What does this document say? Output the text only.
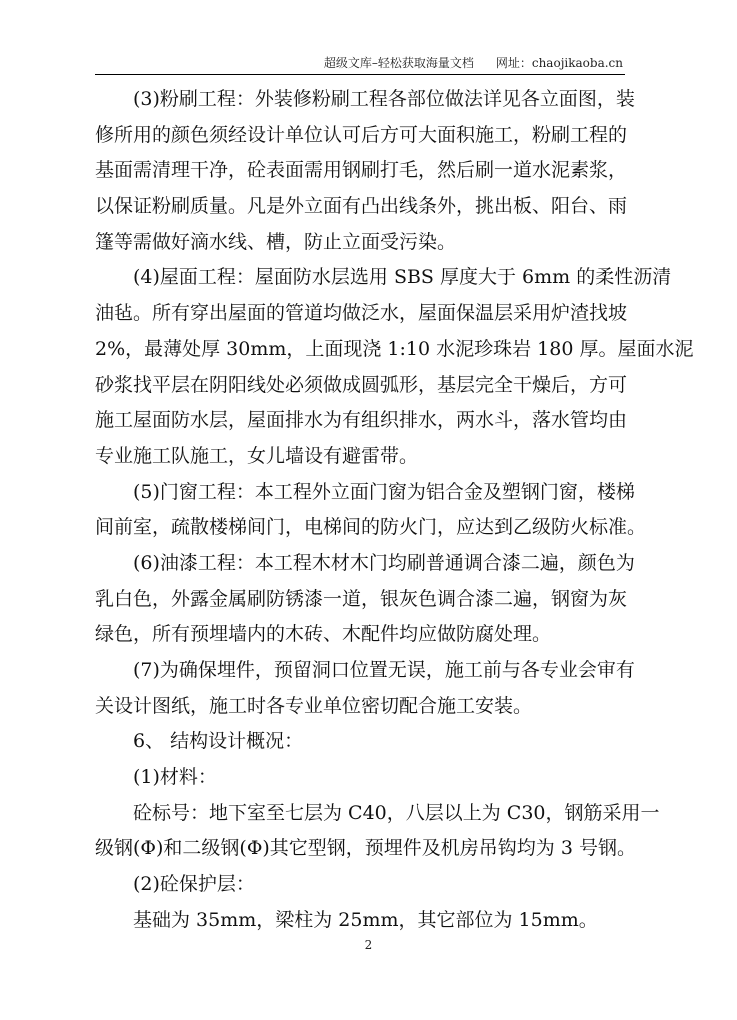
超级文库–轻松获取海量文档 网址：chaojikaoba.cn
(3)粉刷工程：外装修粉刷工程各部位做法详见各立面图，装
修所用的颜色须经设计单位认可后方可大面积施工，粉刷工程的
基面需清理干净，砼表面需用钢刷打毛，然后刷一道水泥素浆，
以保证粉刷质量。凡是外立面有凸出线条外，挑出板、阳台、雨
篷等需做好滴水线、槽，防止立面受污染。
(4)屋面工程：屋面防水层选用 SBS 厚度大于 6mm 的柔性沥清
油毡。所有穿出屋面的管道均做泛水，屋面保温层采用炉渣找坡
2%，最薄处厚 30mm，上面现浇 1:10 水泥珍珠岩 180 厚。屋面水泥
砂浆找平层在阴阳线处必须做成圆弧形，基层完全干燥后，方可
施工屋面防水层，屋面排水为有组织排水，两水斗，落水管均由
专业施工队施工，女儿墙设有避雷带。
(5)门窗工程：本工程外立面门窗为铝合金及塑钢门窗，楼梯
间前室，疏散楼梯间门，电梯间的防火门，应达到乙级防火标准。
(6)油漆工程：本工程木材木门均刷普通调合漆二遍，颜色为
乳白色，外露金属刷防锈漆一道，银灰色调合漆二遍，钢窗为灰
绿色，所有预埋墙内的木砖、木配件均应做防腐处理。
(7)为确保埋件，预留洞口位置无误，施工前与各专业会审有
关设计图纸，施工时各专业单位密切配合施工安装。
6、 结构设计概况：
(1)材料：
砼标号：地下室至七层为 C40，八层以上为 C30，钢筋采用一
级钢(Φ)和二级钢(Φ)其它型钢，预埋件及机房吊钩均为 3 号钢。
(2)砼保护层：
基础为 35mm，梁柱为 25mm，其它部位为 15mm。
2
